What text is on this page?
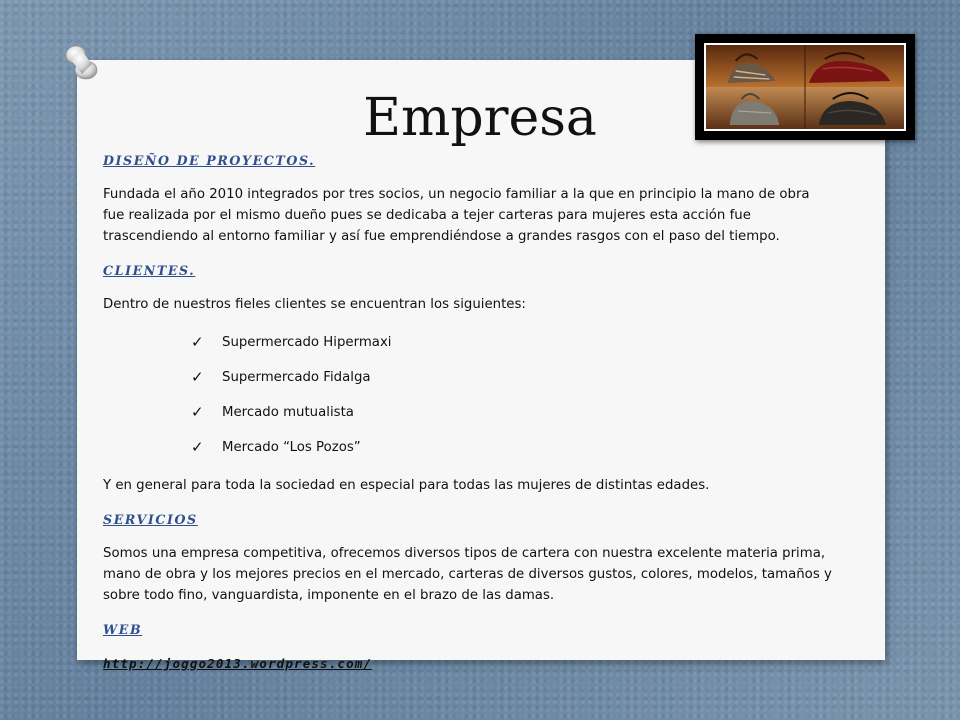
Empresa

DISEÑO DE PROYECTOS.

Fundada el año 2010 integrados por tres socios, un negocio familiar a la que en principio la mano de obra fue realizada por el mismo dueño pues se dedicaba a tejer carteras para mujeres esta acción fue trascendiendo al entorno familiar y así fue emprendiéndose a grandes rasgos con el paso del tiempo.

CLIENTES.

Dentro de nuestros fieles clientes se encuentran los siguientes:

✓	Supermercado Hipermaxi
✓	Supermercado Fidalga
✓	Mercado mutualista
✓	Mercado “Los Pozos”

Y en general para toda la sociedad en especial para todas las mujeres de distintas edades.

SERVICIOS

Somos una empresa competitiva, ofrecemos diversos tipos de cartera con nuestra excelente materia prima, mano de obra y los mejores precios en el mercado, carteras de diversos gustos, colores, modelos, tamaños y sobre todo fino, vanguardista, imponente en el brazo de las damas.

WEB

http://joggo2013.wordpress.com/
